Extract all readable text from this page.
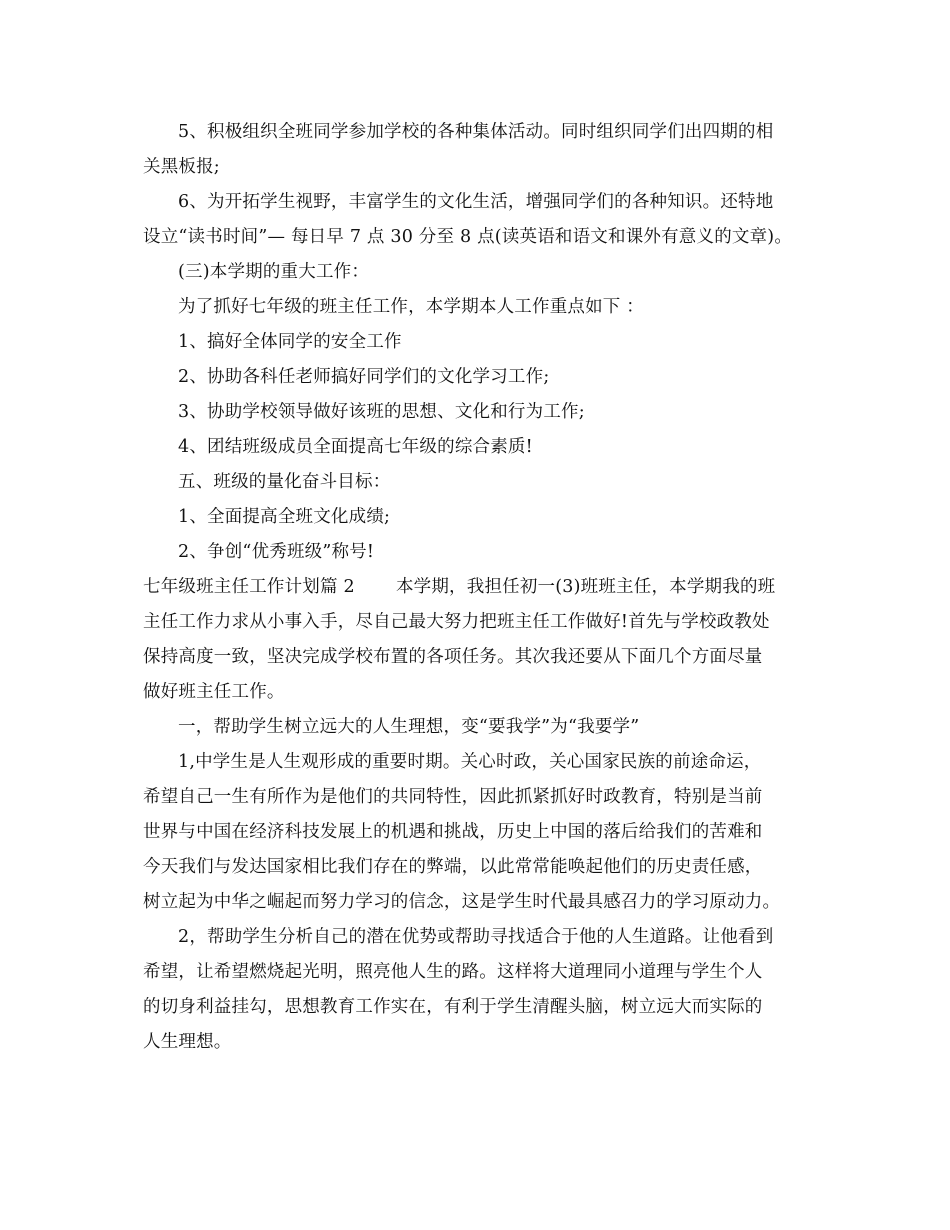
5、积极组织全班同学参加学校的各种集体活动。同时组织同学们出四期的相
关黑板报;
6、为开拓学生视野，丰富学生的文化生活，增强同学们的各种知识。还特地
设立“读书时间”— 每日早 7 点 30 分至 8 点(读英语和语文和课外有意义的文章)。
(三)本学期的重大工作：
为了抓好七年级的班主任工作，本学期本人工作重点如下 ：
1、搞好全体同学的安全工作
2、协助各科任老师搞好同学们的文化学习工作;
3、协助学校领导做好该班的思想、文化和行为工作;
4、团结班级成员全面提高七年级的综合素质!
五、班级的量化奋斗目标：
1、全面提高全班文化成绩;
2、争创“优秀班级”称号!
七年级班主任工作计划篇 2　　 本学期，我担任初一(3)班班主任，本学期我的班
主任工作力求从小事入手，尽自己最大努力把班主任工作做好!首先与学校政教处
保持高度一致，坚决完成学校布置的各项任务。其次我还要从下面几个方面尽量
做好班主任工作。
一，帮助学生树立远大的人生理想，变“要我学”为“我要学”
1,中学生是人生观形成的重要时期。关心时政，关心国家民族的前途命运，
希望自己一生有所作为是他们的共同特性，因此抓紧抓好时政教育，特别是当前
世界与中国在经济科技发展上的机遇和挑战，历史上中国的落后给我们的苦难和
今天我们与发达国家相比我们存在的弊端，以此常常能唤起他们的历史责任感，
树立起为中华之崛起而努力学习的信念，这是学生时代最具感召力的学习原动力。
2，帮助学生分析自己的潜在优势或帮助寻找适合于他的人生道路。让他看到
希望，让希望燃烧起光明，照亮他人生的路。这样将大道理同小道理与学生个人
的切身利益挂勾，思想教育工作实在，有利于学生清醒头脑，树立远大而实际的
人生理想。
